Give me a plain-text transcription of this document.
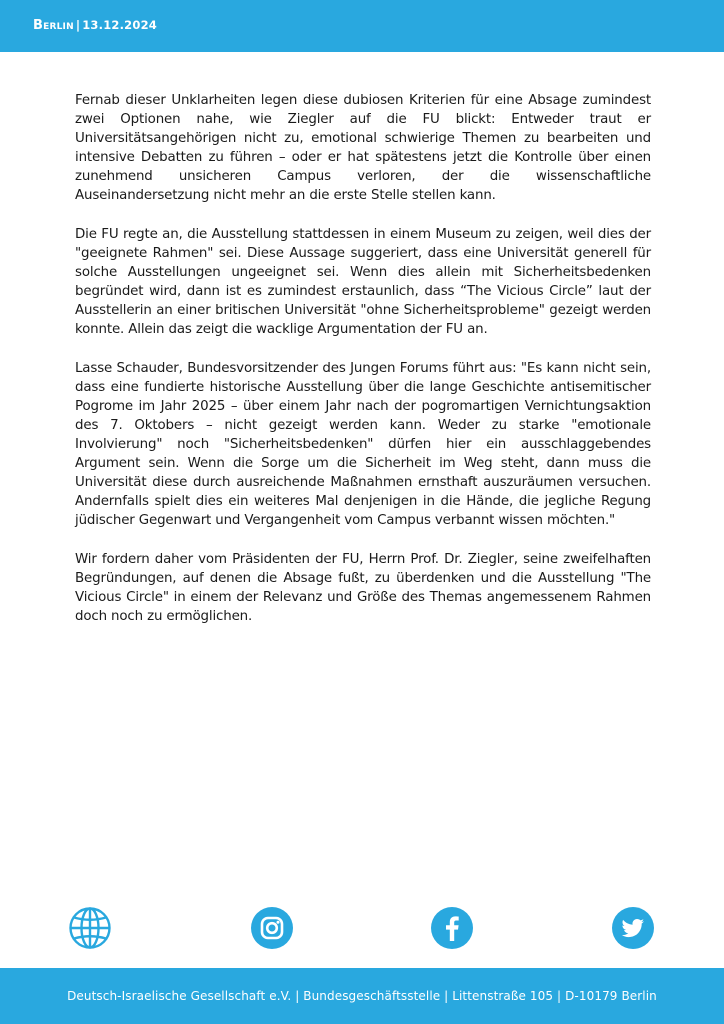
Berlin | 13.12.2024

Fernab dieser Unklarheiten legen diese dubiosen Kriterien für eine Absage zumindest zwei Optionen nahe, wie Ziegler auf die FU blickt: Entweder traut er Universitätsangehörigen nicht zu, emotional schwierige Themen zu bearbeiten und intensive Debatten zu führen – oder er hat spätestens jetzt die Kontrolle über einen zunehmend unsicheren Campus verloren, der die wissenschaftliche Auseinandersetzung nicht mehr an die erste Stelle stellen kann.

Die FU regte an, die Ausstellung stattdessen in einem Museum zu zeigen, weil dies der "geeignete Rahmen" sei. Diese Aussage suggeriert, dass eine Universität generell für solche Ausstellungen ungeeignet sei. Wenn dies allein mit Sicherheitsbedenken begründet wird, dann ist es zumindest erstaunlich, dass “The Vicious Circle” laut der Ausstellerin an einer britischen Universität "ohne Sicherheitsprobleme" gezeigt werden konnte. Allein das zeigt die wacklige Argumentation der FU an.

Lasse Schauder, Bundesvorsitzender des Jungen Forums führt aus: "Es kann nicht sein, dass eine fundierte historische Ausstellung über die lange Geschichte antisemitischer Pogrome im Jahr 2025 – über einem Jahr nach der pogromartigen Vernichtungsaktion des 7. Oktobers – nicht gezeigt werden kann. Weder zu starke "emotionale Involvierung" noch "Sicherheitsbedenken" dürfen hier ein ausschlaggebendes Argument sein. Wenn die Sorge um die Sicherheit im Weg steht, dann muss die Universität diese durch ausreichende Maßnahmen ernsthaft auszuräumen versuchen. Andernfalls spielt dies ein weiteres Mal denjenigen in die Hände, die jegliche Regung jüdischer Gegenwart und Vergangenheit vom Campus verbannt wissen möchten."

Wir fordern daher vom Präsidenten der FU, Herrn Prof. Dr. Ziegler, seine zweifelhaften Begründungen, auf denen die Absage fußt, zu überdenken und die Ausstellung "The Vicious Circle" in einem der Relevanz und Größe des Themas angemessenem Rahmen doch noch zu ermöglichen.

Deutsch-Israelische Gesellschaft e.V. | Bundesgeschäftsstelle | Littenstraße 105 | D-10179 Berlin
